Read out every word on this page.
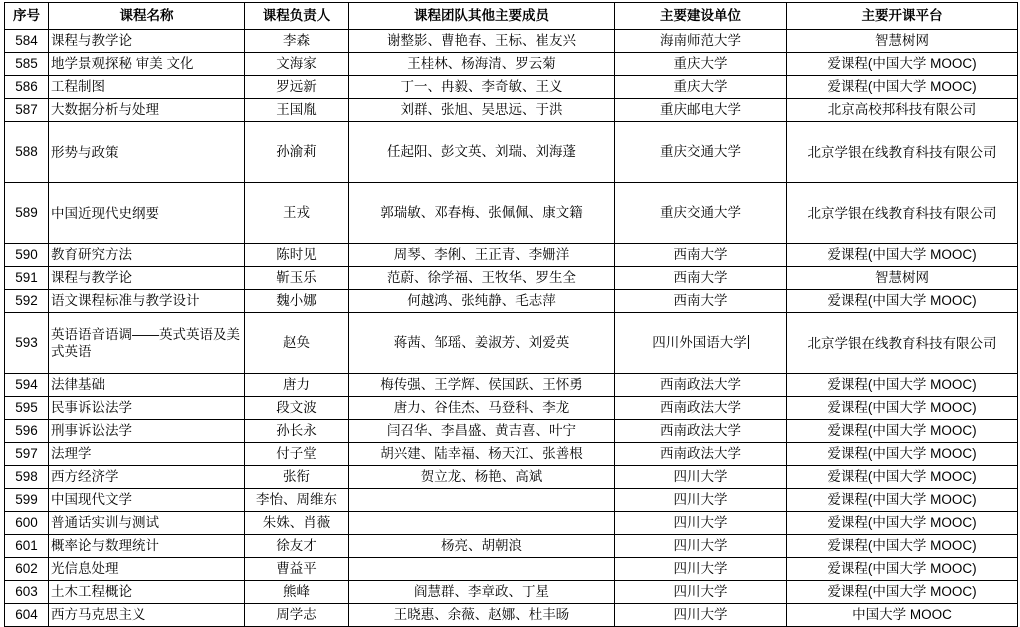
序号	课程名称	课程负责人	课程团队其他主要成员	主要建设单位	主要开课平台
584	课程与教学论	李森	谢整影、曹艳春、王标、崔友兴	海南师范大学	智慧树网
585	地学景观探秘 审美 文化	文海家	王桂林、杨海清、罗云菊	重庆大学	爱课程(中国大学 MOOC)
586	工程制图	罗远新	丁一、冉毅、李奇敏、王义	重庆大学	爱课程(中国大学 MOOC)
587	大数据分析与处理	王国胤	刘群、张旭、吴思远、于洪	重庆邮电大学	北京高校邦科技有限公司
588	形势与政策	孙渝莉	任起阳、彭文英、刘瑞、刘海蓬	重庆交通大学	北京学银在线教育科技有限公司
589	中国近现代史纲要	王戎	郭瑞敏、邓春梅、张佩佩、康文籍	重庆交通大学	北京学银在线教育科技有限公司
590	教育研究方法	陈时见	周琴、李俐、王正青、李姗洋	西南大学	爱课程(中国大学 MOOC)
591	课程与教学论	靳玉乐	范蔚、徐学福、王牧华、罗生全	西南大学	智慧树网
592	语文课程标准与教学设计	魏小娜	何越鸿、张纯静、毛志萍	西南大学	爱课程(中国大学 MOOC)
593	英语语音语调——英式英语及美式英语	赵奂	蒋茜、邹瑶、姜淑芳、刘爱英	四川外国语大学	北京学银在线教育科技有限公司
594	法律基础	唐力	梅传强、王学辉、侯国跃、王怀勇	西南政法大学	爱课程(中国大学 MOOC)
595	民事诉讼法学	段文波	唐力、谷佳杰、马登科、李龙	西南政法大学	爱课程(中国大学 MOOC)
596	刑事诉讼法学	孙长永	闫召华、李昌盛、黄吉喜、叶宁	西南政法大学	爱课程(中国大学 MOOC)
597	法理学	付子堂	胡兴建、陆幸福、杨天江、张善根	西南政法大学	爱课程(中国大学 MOOC)
598	西方经济学	张衔	贺立龙、杨艳、高斌	四川大学	爱课程(中国大学 MOOC)
599	中国现代文学	李怡、周维东		四川大学	爱课程(中国大学 MOOC)
600	普通话实训与测试	朱姝、肖薇		四川大学	爱课程(中国大学 MOOC)
601	概率论与数理统计	徐友才	杨亮、胡朝浪	四川大学	爱课程(中国大学 MOOC)
602	光信息处理	曹益平		四川大学	爱课程(中国大学 MOOC)
603	土木工程概论	熊峰	阎慧群、李章政、丁星	四川大学	爱课程(中国大学 MOOC)
604	西方马克思主义	周学志	王晓惠、余薇、赵娜、杜丰旸	四川大学	中国大学 MOOC
